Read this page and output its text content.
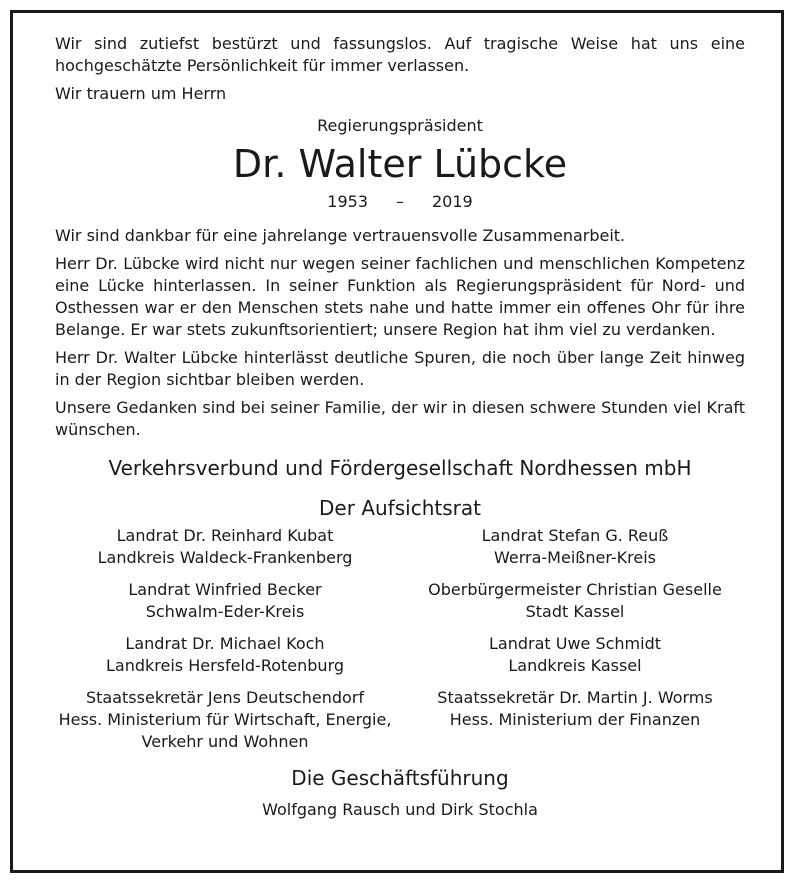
Wir sind zutiefst bestürzt und fassungslos. Auf tragische Weise hat uns eine hochgeschätzte Persönlichkeit für immer verlassen.

Wir trauern um Herrn

Regierungspräsident
Dr. Walter Lübcke
1953 – 2019

Wir sind dankbar für eine jahrelange vertrauensvolle Zusammenarbeit.

Herr Dr. Lübcke wird nicht nur wegen seiner fachlichen und menschlichen Kompetenz eine Lücke hinterlassen. In seiner Funktion als Regierungspräsident für Nord- und Osthessen war er den Menschen stets nahe und hatte immer ein offenes Ohr für ihre Belange. Er war stets zukunftsorientiert; unsere Region hat ihm viel zu verdanken.

Herr Dr. Walter Lübcke hinterlässt deutliche Spuren, die noch über lange Zeit hinweg in der Region sichtbar bleiben werden.

Unsere Gedanken sind bei seiner Familie, der wir in diesen schwere Stunden viel Kraft wünschen.

Verkehrsverbund und Fördergesellschaft Nordhessen mbH
Der Aufsichtsrat
Landrat Dr. Reinhard Kubat
Landkreis Waldeck-Frankenberg
Landrat Stefan G. Reuß
Werra-Meißner-Kreis
Landrat Winfried Becker
Schwalm-Eder-Kreis
Oberbürgermeister Christian Geselle
Stadt Kassel
Landrat Dr. Michael Koch
Landkreis Hersfeld-Rotenburg
Landrat Uwe Schmidt
Landkreis Kassel
Staatssekretär Jens Deutschendorf
Hess. Ministerium für Wirtschaft, Energie,
Verkehr und Wohnen
Staatssekretär Dr. Martin J. Worms
Hess. Ministerium der Finanzen
Die Geschäftsführung
Wolfgang Rausch und Dirk Stochla
